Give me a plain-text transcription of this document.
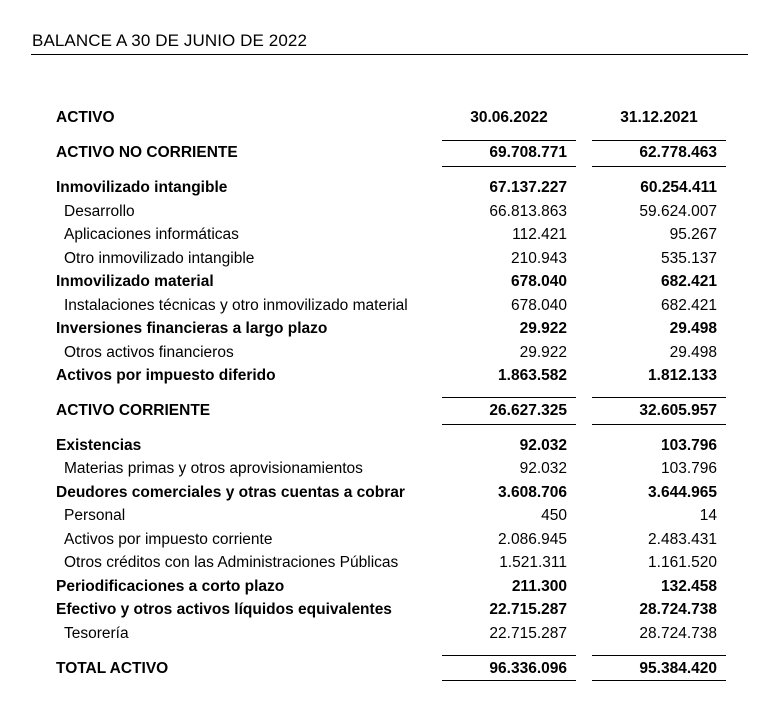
BALANCE A 30 DE JUNIO DE 2022
ACTIVO	30.06.2022	31.12.2021
ACTIVO NO CORRIENTE	69.708.771	62.778.463
Inmovilizado intangible	67.137.227	60.254.411
Desarrollo	66.813.863	59.624.007
Aplicaciones informáticas	112.421	95.267
Otro inmovilizado intangible	210.943	535.137
Inmovilizado material	678.040	682.421
Instalaciones técnicas y otro inmovilizado material	678.040	682.421
Inversiones financieras a largo plazo	29.922	29.498
Otros activos financieros	29.922	29.498
Activos por impuesto diferido	1.863.582	1.812.133
ACTIVO CORRIENTE	26.627.325	32.605.957
Existencias	92.032	103.796
Materias primas y otros aprovisionamientos	92.032	103.796
Deudores comerciales y otras cuentas a cobrar	3.608.706	3.644.965
Personal	450	14
Activos por impuesto corriente	2.086.945	2.483.431
Otros créditos con las Administraciones Públicas	1.521.311	1.161.520
Periodificaciones a corto plazo	211.300	132.458
Efectivo y otros activos líquidos equivalentes	22.715.287	28.724.738
Tesorería	22.715.287	28.724.738
TOTAL ACTIVO	96.336.096	95.384.420
